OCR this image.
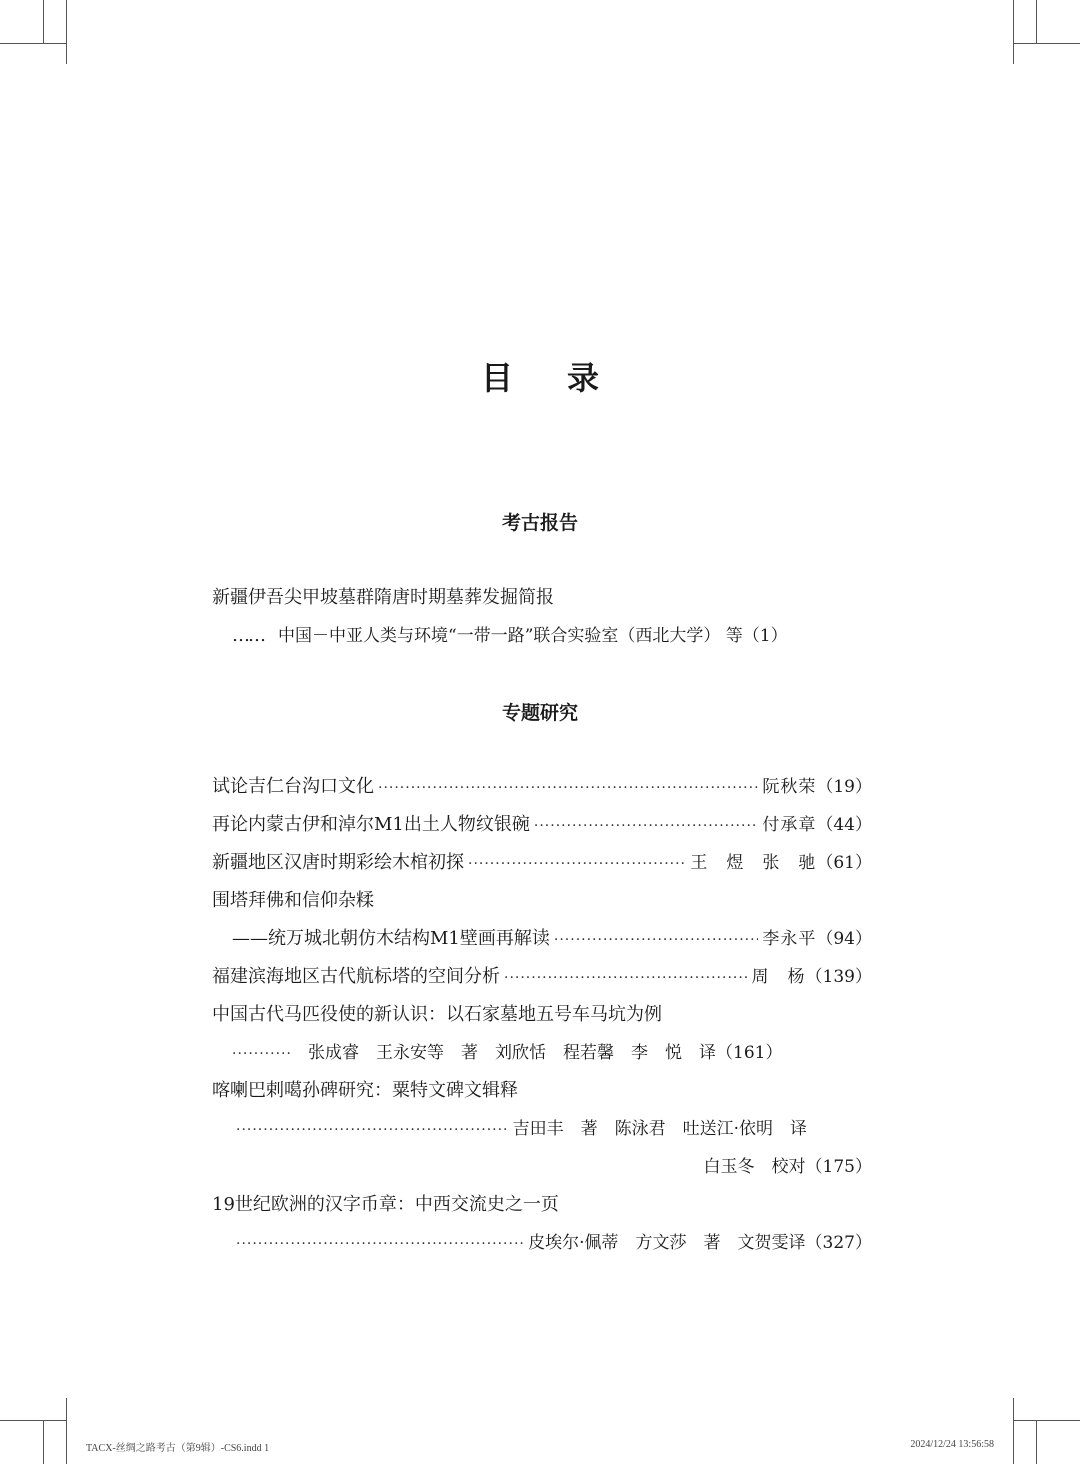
目录
考古报告
新疆伊吾尖甲坡墓群隋唐时期墓葬发掘简报
…… 中国－中亚人类与环境“一带一路”联合实验室（西北大学） 等 （1）
专题研究
试论吉仁台沟口文化 ·····	阮秋荣 （19）
再论内蒙古伊和淖尔M1出土人物纹银碗 ·····	付承章 （44）
新疆地区汉唐时期彩绘木棺初探 ·····	王　煜　张　驰 （61）
围塔拜佛和信仰杂糅
——统万城北朝仿木结构M1壁画再解读 ·····	李永平 （94）
福建滨海地区古代航标塔的空间分析 ·····	周　杨 （139）
中国古代马匹役使的新认识：以石家墓地五号车马坑为例
·····
张成睿　王永安等　著　刘欣恬　程若馨　李　悦　译 （161）
喀喇巴剌噶孙碑研究：粟特文碑文辑释
·····
吉田丰　著　陈泳君　吐送江·依明　译
白玉冬　校对 （175）
19世纪欧洲的汉字币章：中西交流史之一页
·····
皮埃尔·佩蒂　方文莎　著　文贺雯译 （327）
TACX-丝绸之路考古（第9辑）-CS6.indd 1	2024/12/24 13:56:58
